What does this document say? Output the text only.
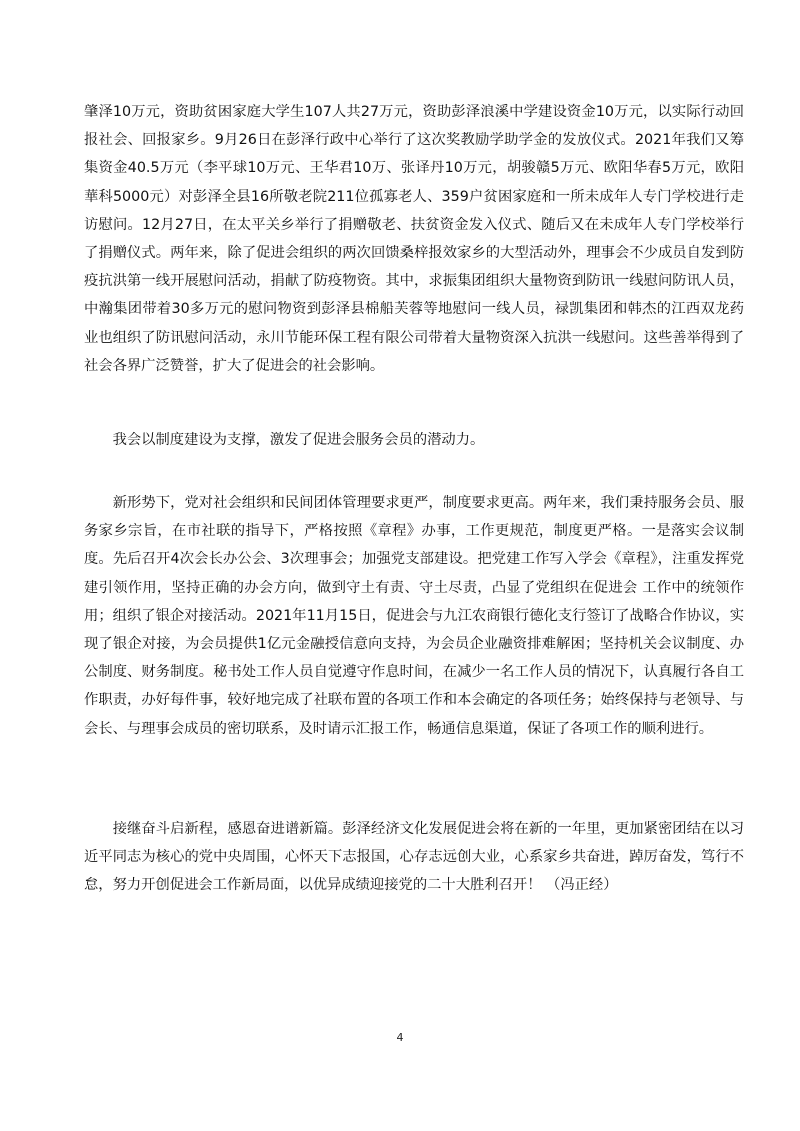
肇泽10万元，资助贫困家庭大学生107人共27万元，资助彭泽浪溪中学建设资金10万元，以实际行动回报社会、回报家乡。9月26日在彭泽行政中心举行了这次奖教励学助学金的发放仪式。2021年我们又筹集资金40.5万元（李平球10万元、王华君10万、张译丹10万元，胡骏赣5万元、欧阳华春5万元，欧阳華科5000元）对彭泽全县16所敬老院211位孤寡老人、359户贫困家庭和一所未成年人专门学校进行走访慰问。12月27日，在太平关乡举行了捐赠敬老、扶贫资金发入仪式、随后又在未成年人专门学校举行了捐赠仪式。两年来，除了促进会组织的两次回馈桑梓报效家乡的大型活动外，理事会不少成员自发到防疫抗洪第一线开展慰问活动，捐献了防疫物资。其中，求振集团组织大量物资到防讯一线慰问防讯人员，中瀚集团带着30多万元的慰问物资到彭泽县棉船芙蓉等地慰问一线人员，禄凯集团和韩杰的江西双龙药业也组织了防讯慰问活动，永川节能环保工程有限公司带着大量物资深入抗洪一线慰问。这些善举得到了社会各界广泛赞誉，扩大了促进会的社会影响。

　　我会以制度建设为支撑，激发了促进会服务会员的潜动力。

　　新形势下，党对社会组织和民间团体管理要求更严，制度要求更高。两年来，我们秉持服务会员、服务家乡宗旨，在市社联的指导下，严格按照《章程》办事，工作更规范，制度更严格。一是落实会议制度。先后召开4次会长办公会、3次理事会；加强党支部建设。把党建工作写入学会《章程》，注重发挥党建引领作用，坚持正确的办会方向，做到守土有责、守土尽责，凸显了党组织在促进会 工作中的统领作用；组织了银企对接活动。2021年11月15日，促进会与九江农商银行德化支行签订了战略合作协议，实现了银企对接，为会员提供1亿元金融授信意向支持，为会员企业融资排难解困；坚持机关会议制度、办公制度、财务制度。秘书处工作人员自觉遵守作息时间，在减少一名工作人员的情况下，认真履行各自工作职责，办好每件事，较好地完成了社联布置的各项工作和本会确定的各项任务；始终保持与老领导、与会长、与理事会成员的密切联系，及时请示汇报工作，畅通信息渠道，保证了各项工作的顺利进行。

　　接继奋斗启新程，感恩奋进谱新篇。彭泽经济文化发展促进会将在新的一年里，更加紧密团结在以习近平同志为核心的党中央周围，心怀天下志报国，心存志远创大业，心系家乡共奋进，踔厉奋发，笃行不怠，努力开创促进会工作新局面，以优异成绩迎接党的二十大胜利召开！ （冯正经）

4
